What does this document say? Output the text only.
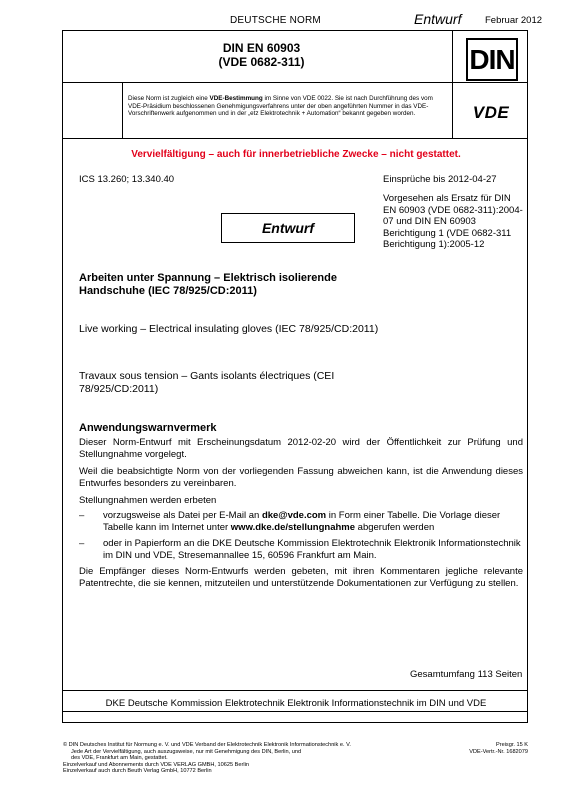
DEUTSCHE NORM	Entwurf Februar 2012
DIN EN 60903
(VDE 0682-311)	DIN
VDE
Diese Norm ist zugleich eine VDE-Bestimmung im Sinne von VDE 0022. Sie ist nach Durchführung des vom VDE-Präsidium beschlossenen Genehmigungsverfahrens unter der oben angeführten Nummer in das VDE-Vorschriftenwerk aufgenommen und in der „etz Elektrotechnik + Automation“ bekannt gegeben worden.
Vervielfältigung – auch für innerbetriebliche Zwecke – nicht gestattet.
ICS 13.260; 13.340.40	Einsprüche bis 2012-04-27
Vorgesehen als Ersatz für DIN EN 60903 (VDE 0682-311):2004-07 und DIN EN 60903 Berichtigung 1 (VDE 0682-311 Berichtigung 1):2005-12
Entwurf
Arbeiten unter Spannung – Elektrisch isolierende Handschuhe (IEC 78/925/CD:2011)
Live working – Electrical insulating gloves (IEC 78/925/CD:2011)
Travaux sous tension – Gants isolants électriques (CEI 78/925/CD:2011)
Anwendungswarnvermerk
Dieser Norm-Entwurf mit Erscheinungsdatum 2012-02-20 wird der Öffentlichkeit zur Prüfung und Stellungnahme vorgelegt.
Weil die beabsichtigte Norm von der vorliegenden Fassung abweichen kann, ist die Anwendung dieses Entwurfes besonders zu vereinbaren.
Stellungnahmen werden erbeten
– vorzugsweise als Datei per E-Mail an dke@vde.com in Form einer Tabelle. Die Vorlage dieser Tabelle kann im Internet unter www.dke.de/stellungnahme abgerufen werden
– oder in Papierform an die DKE Deutsche Kommission Elektrotechnik Elektronik Informationstechnik im DIN und VDE, Stresemannallee 15, 60596 Frankfurt am Main.
Die Empfänger dieses Norm-Entwurfs werden gebeten, mit ihren Kommentaren jegliche relevante Patentrechte, die sie kennen, mitzuteilen und unterstützende Dokumentationen zur Verfügung zu stellen.
Gesamtumfang 113 Seiten
DKE Deutsche Kommission Elektrotechnik Elektronik Informationstechnik im DIN und VDE
© DIN Deutsches Institut für Normung e. V. und VDE Verband der Elektrotechnik Elektronik Informationstechnik e. V.
Jede Art der Vervielfältigung, auch auszugsweise, nur mit Genehmigung des DIN, Berlin, und
des VDE, Frankfurt am Main, gestattet.
Einzelverkauf und Abonnements durch VDE VERLAG GMBH, 10625 Berlin
Einzelverkauf auch durch Beuth Verlag GmbH, 10772 Berlin
Preisgr. 15 K
VDE-Vertr.-Nr. 1682079
